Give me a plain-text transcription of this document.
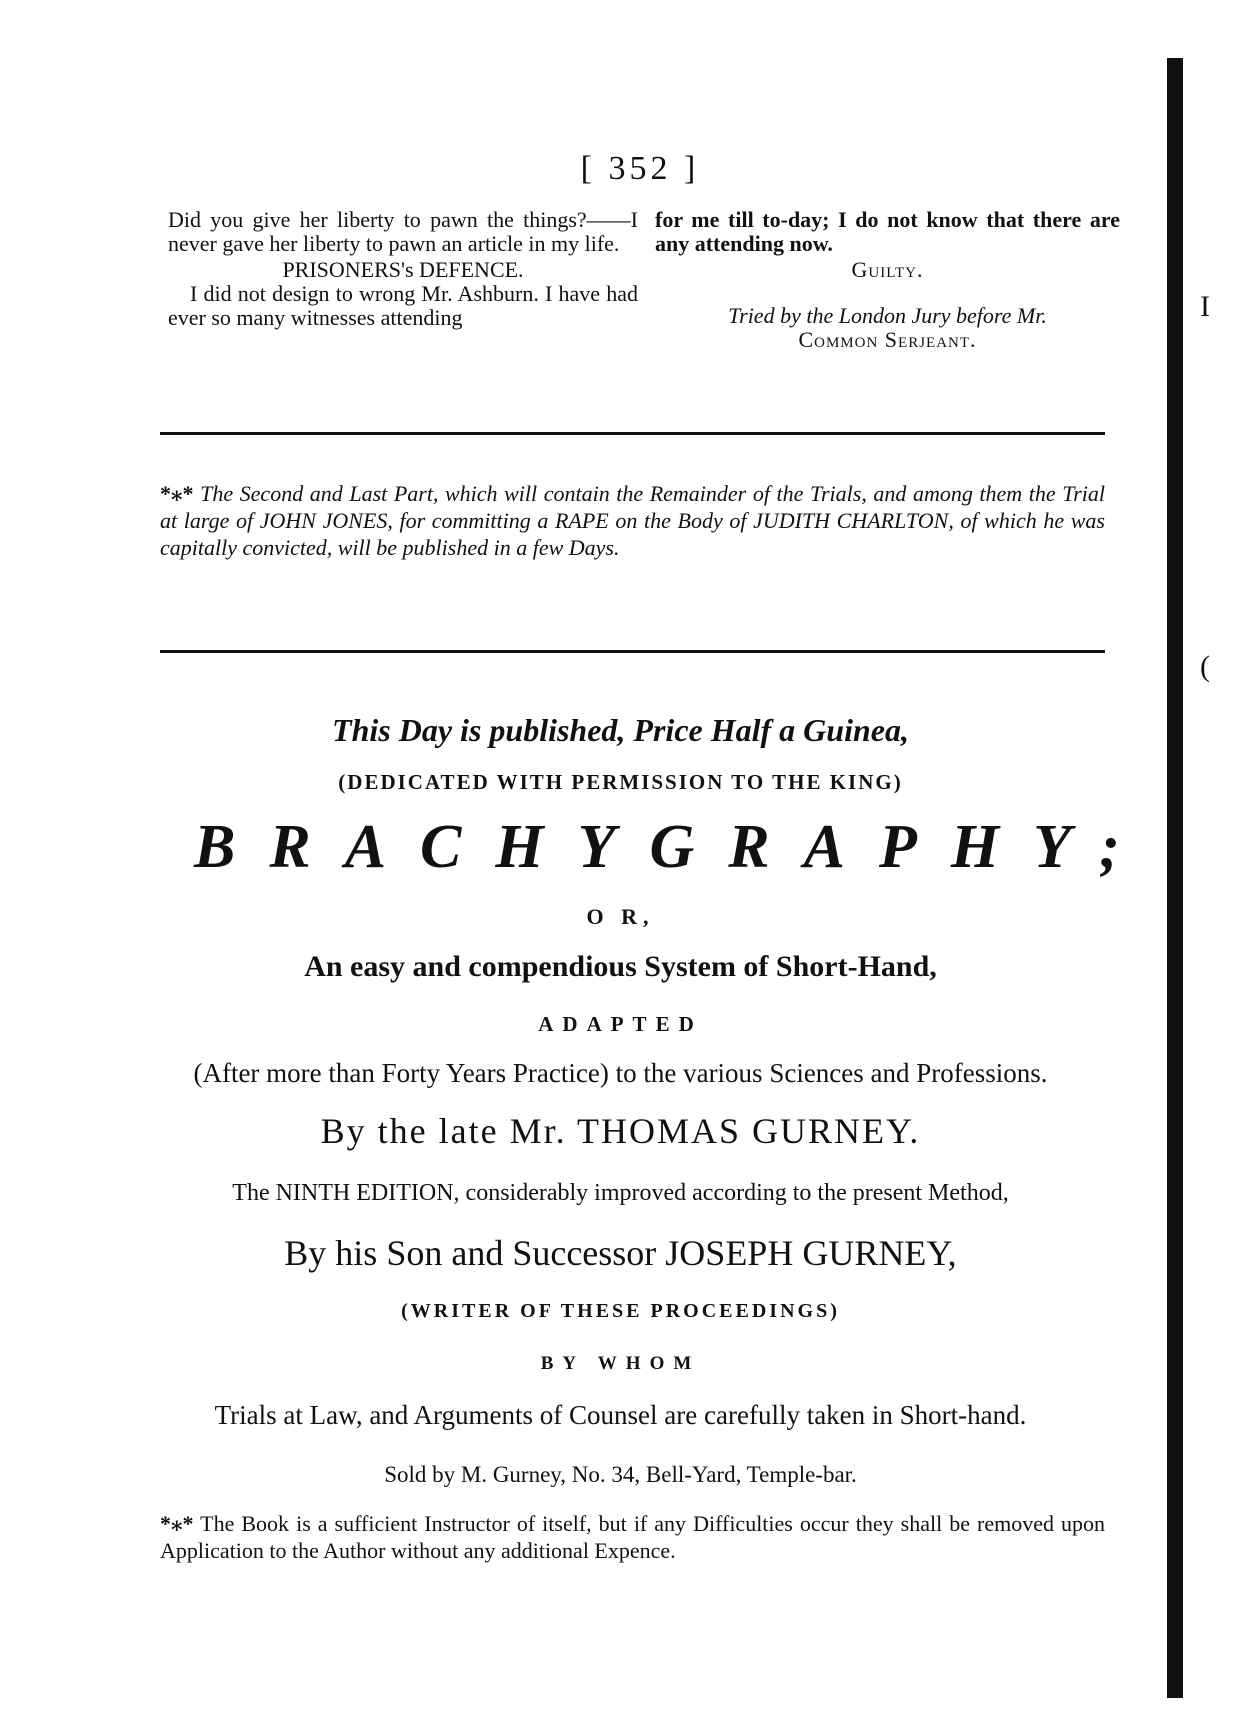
I
(
[ 352 ]

Did you give her liberty to pawn the things?——I never gave her liberty to pawn an article in my life.

PRISONERS's DEFENCE.

I did not design to wrong Mr. Ashburn. I have had ever so many witnesses attending

for me till to-day; I do not know that there are any attending now.

Guilty.

Tried by the London Jury before Mr.

Common Serjeant.

*⁎* The Second and Last Part, which will contain the Remainder of the Trials, and among them the Trial at large of JOHN JONES, for committing a RAPE on the Body of JUDITH CHARLTON, of which he was capitally convicted, will be published in a few Days.
This Day is published, Price Half a Guinea,
(DEDICATED WITH PERMISSION TO THE KING)
BRACHYGRAPHY;
O R,
An easy and compendious System of Short-Hand,
ADAPTED
(After more than Forty Years Practice) to the various Sciences and Professions.
By the late Mr. THOMAS GURNEY.
The NINTH EDITION, considerably improved according to the present Method,
By his Son and Successor JOSEPH GURNEY,
(WRITER OF THESE PROCEEDINGS)
BY WHOM
Trials at Law, and Arguments of Counsel are carefully taken in Short-hand.
Sold by M. Gurney, No. 34, Bell-Yard, Temple-bar.
*⁎* The Book is a sufficient Instructor of itself, but if any Difficulties occur they shall be removed upon Application to the Author without any additional Expence.
